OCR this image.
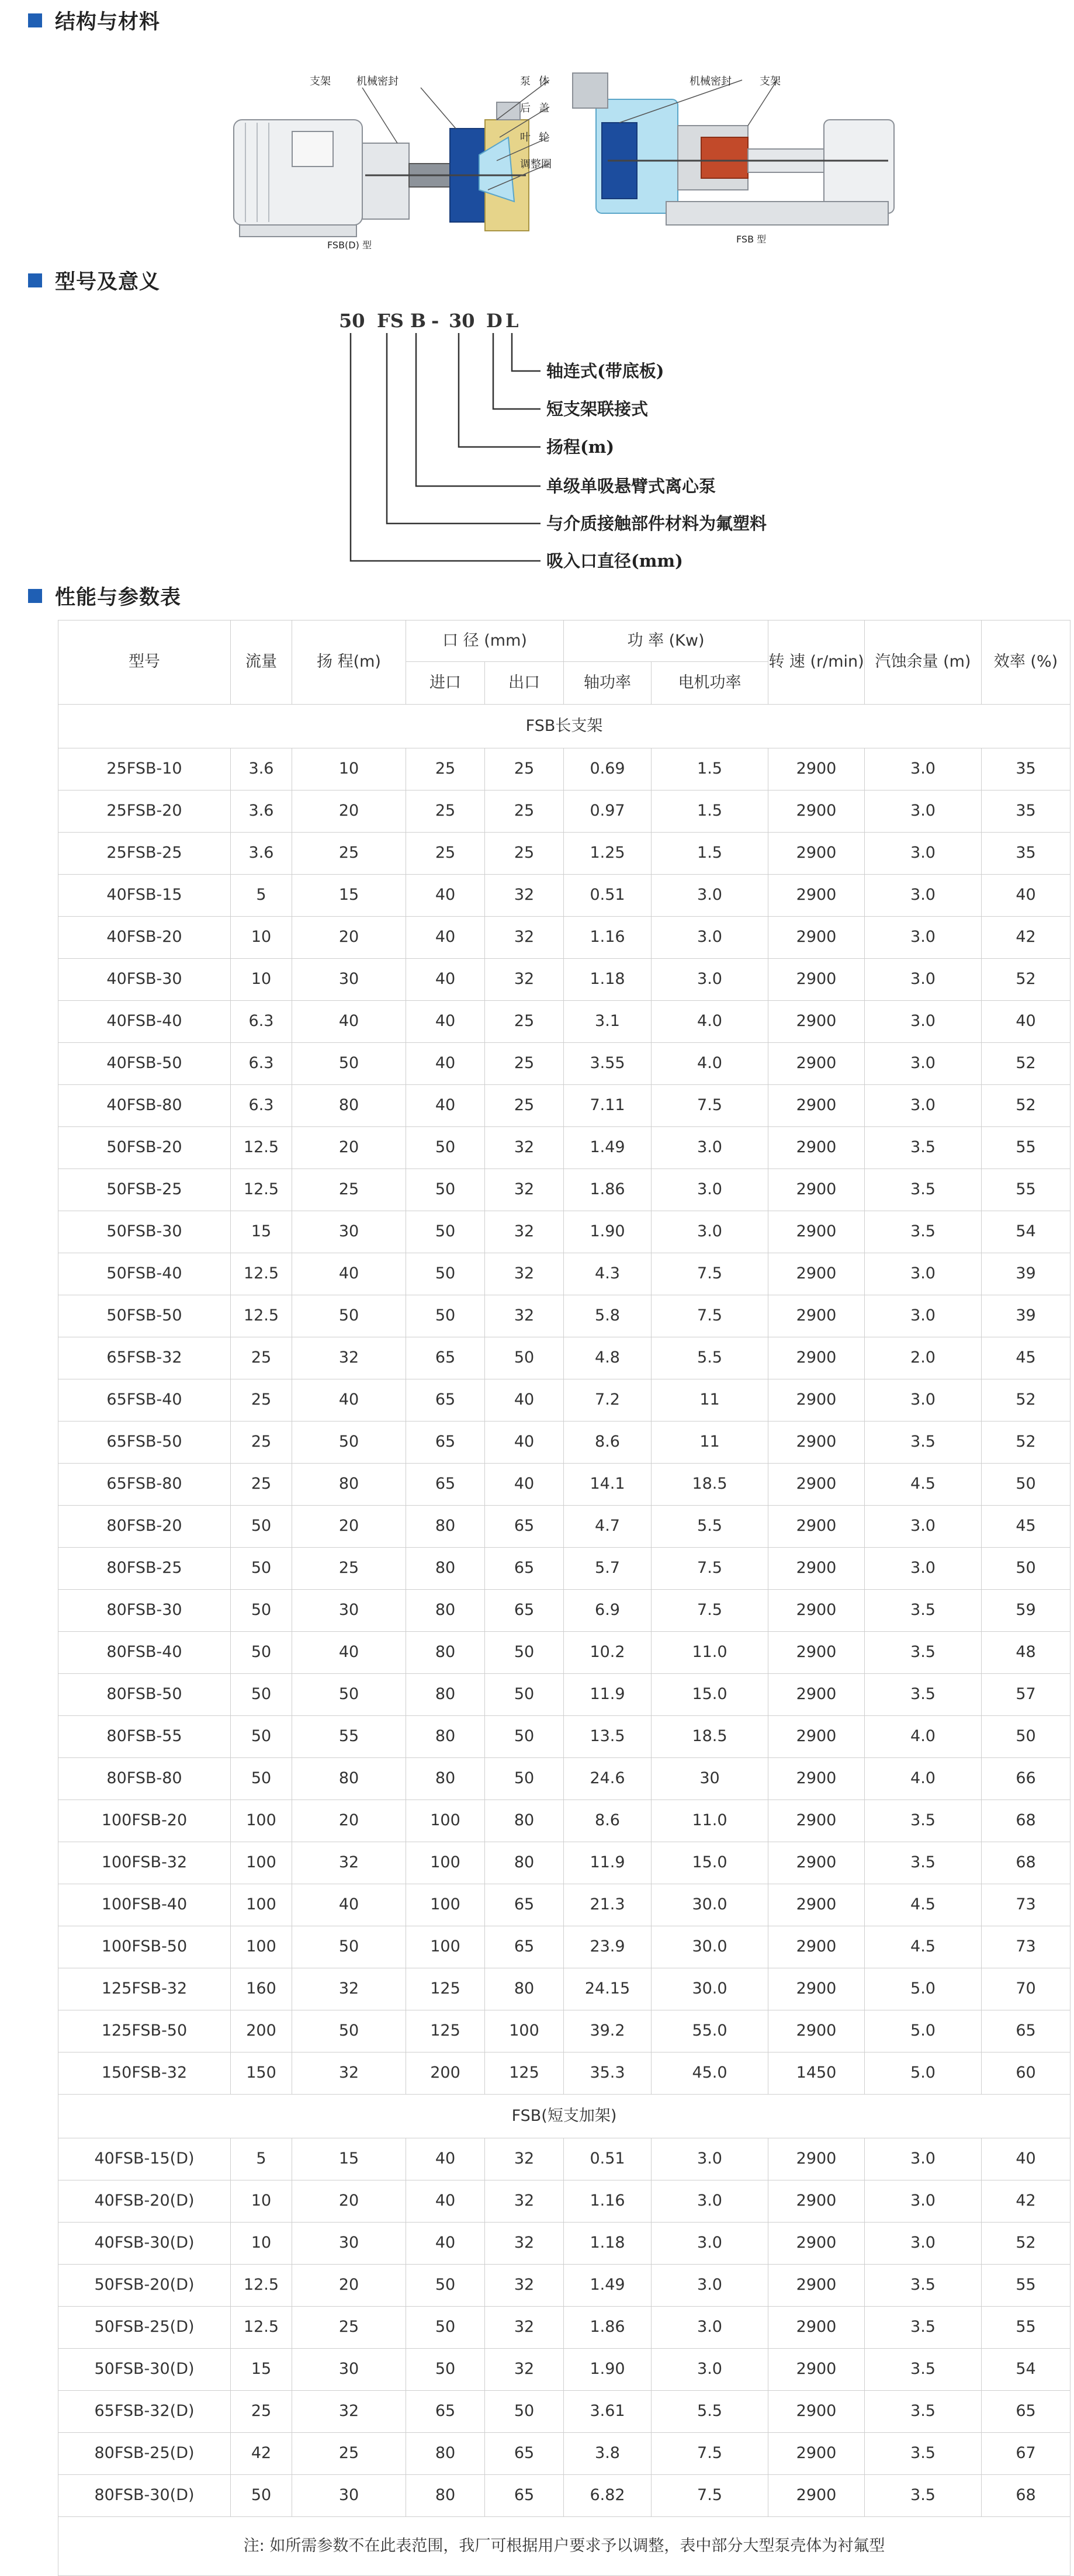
结构与材料
支架 机械密封	泵体
后盖
叶轮
调整圈
机械密封	支架
FSB(D) 型
FSB 型
型号及意义
50 FS B - 30 D L
轴连式(带底板)
短支架联接式
扬程(m)
单级单吸悬臂式离心泵
与介质接触部件材料为氟塑料
吸入口直径(mm)
性能与参数表
型号	流量	扬 程(m)	口 径 (mm)		功 率 (Kw)		转 速 (r/min)	汽蚀余量 (m)	效率 (%)
			进口	出口	轴功率	电机功率			
FSB长支架									
25FSB-10	3.6	10	25	25	0.69	1.5	2900	3.0	35
25FSB-20	3.6	20	25	25	0.97	1.5	2900	3.0	35
25FSB-25	3.6	25	25	25	1.25	1.5	2900	3.0	35
40FSB-15	5	15	40	32	0.51	3.0	2900	3.0	40
40FSB-20	10	20	40	32	1.16	3.0	2900	3.0	42
40FSB-30	10	30	40	32	1.18	3.0	2900	3.0	52
40FSB-40	6.3	40	40	25	3.1	4.0	2900	3.0	40
40FSB-50	6.3	50	40	25	3.55	4.0	2900	3.0	52
40FSB-80	6.3	80	40	25	7.11	7.5	2900	3.0	52
50FSB-20	12.5	20	50	32	1.49	3.0	2900	3.5	55
50FSB-25	12.5	25	50	32	1.86	3.0	2900	3.5	55
50FSB-30	15	30	50	32	1.90	3.0	2900	3.5	54
50FSB-40	12.5	40	50	32	4.3	7.5	2900	3.0	39
50FSB-50	12.5	50	50	32	5.8	7.5	2900	3.0	39
65FSB-32	25	32	65	50	4.8	5.5	2900	2.0	45
65FSB-40	25	40	65	40	7.2	11	2900	3.0	52
65FSB-50	25	50	65	40	8.6	11	2900	3.5	52
65FSB-80	25	80	65	40	14.1	18.5	2900	4.5	50
80FSB-20	50	20	80	65	4.7	5.5	2900	3.0	45
80FSB-25	50	25	80	65	5.7	7.5	2900	3.0	50
80FSB-30	50	30	80	65	6.9	7.5	2900	3.5	59
80FSB-40	50	40	80	50	10.2	11.0	2900	3.5	48
80FSB-50	50	50	80	50	11.9	15.0	2900	3.5	57
80FSB-55	50	55	80	50	13.5	18.5	2900	4.0	50
80FSB-80	50	80	80	50	24.6	30	2900	4.0	66
100FSB-20	100	20	100	80	8.6	11.0	2900	3.5	68
100FSB-32	100	32	100	80	11.9	15.0	2900	3.5	68
100FSB-40	100	40	100	65	21.3	30.0	2900	4.5	73
100FSB-50	100	50	100	65	23.9	30.0	2900	4.5	73
125FSB-32	160	32	125	80	24.15	30.0	2900	5.0	70
125FSB-50	200	50	125	100	39.2	55.0	2900	5.0	65
150FSB-32	150	32	200	125	35.3	45.0	1450	5.0	60
FSB(短支加架)									
40FSB-15(D)	5	15	40	32	0.51	3.0	2900	3.0	40
40FSB-20(D)	10	20	40	32	1.16	3.0	2900	3.0	42
40FSB-30(D)	10	30	40	32	1.18	3.0	2900	3.0	52
50FSB-20(D)	12.5	20	50	32	1.49	3.0	2900	3.5	55
50FSB-25(D)	12.5	25	50	32	1.86	3.0	2900	3.5	55
50FSB-30(D)	15	30	50	32	1.90	3.0	2900	3.5	54
65FSB-32(D)	25	32	65	50	3.61	5.5	2900	3.5	65
80FSB-25(D)	42	25	80	65	3.8	7.5	2900	3.5	67
80FSB-30(D)	50	30	80	65	6.82	7.5	2900	3.5	68
注: 如所需参数不在此表范围，我厂可根据用户要求予以调整，表中部分大型泵壳体为衬氟型									
